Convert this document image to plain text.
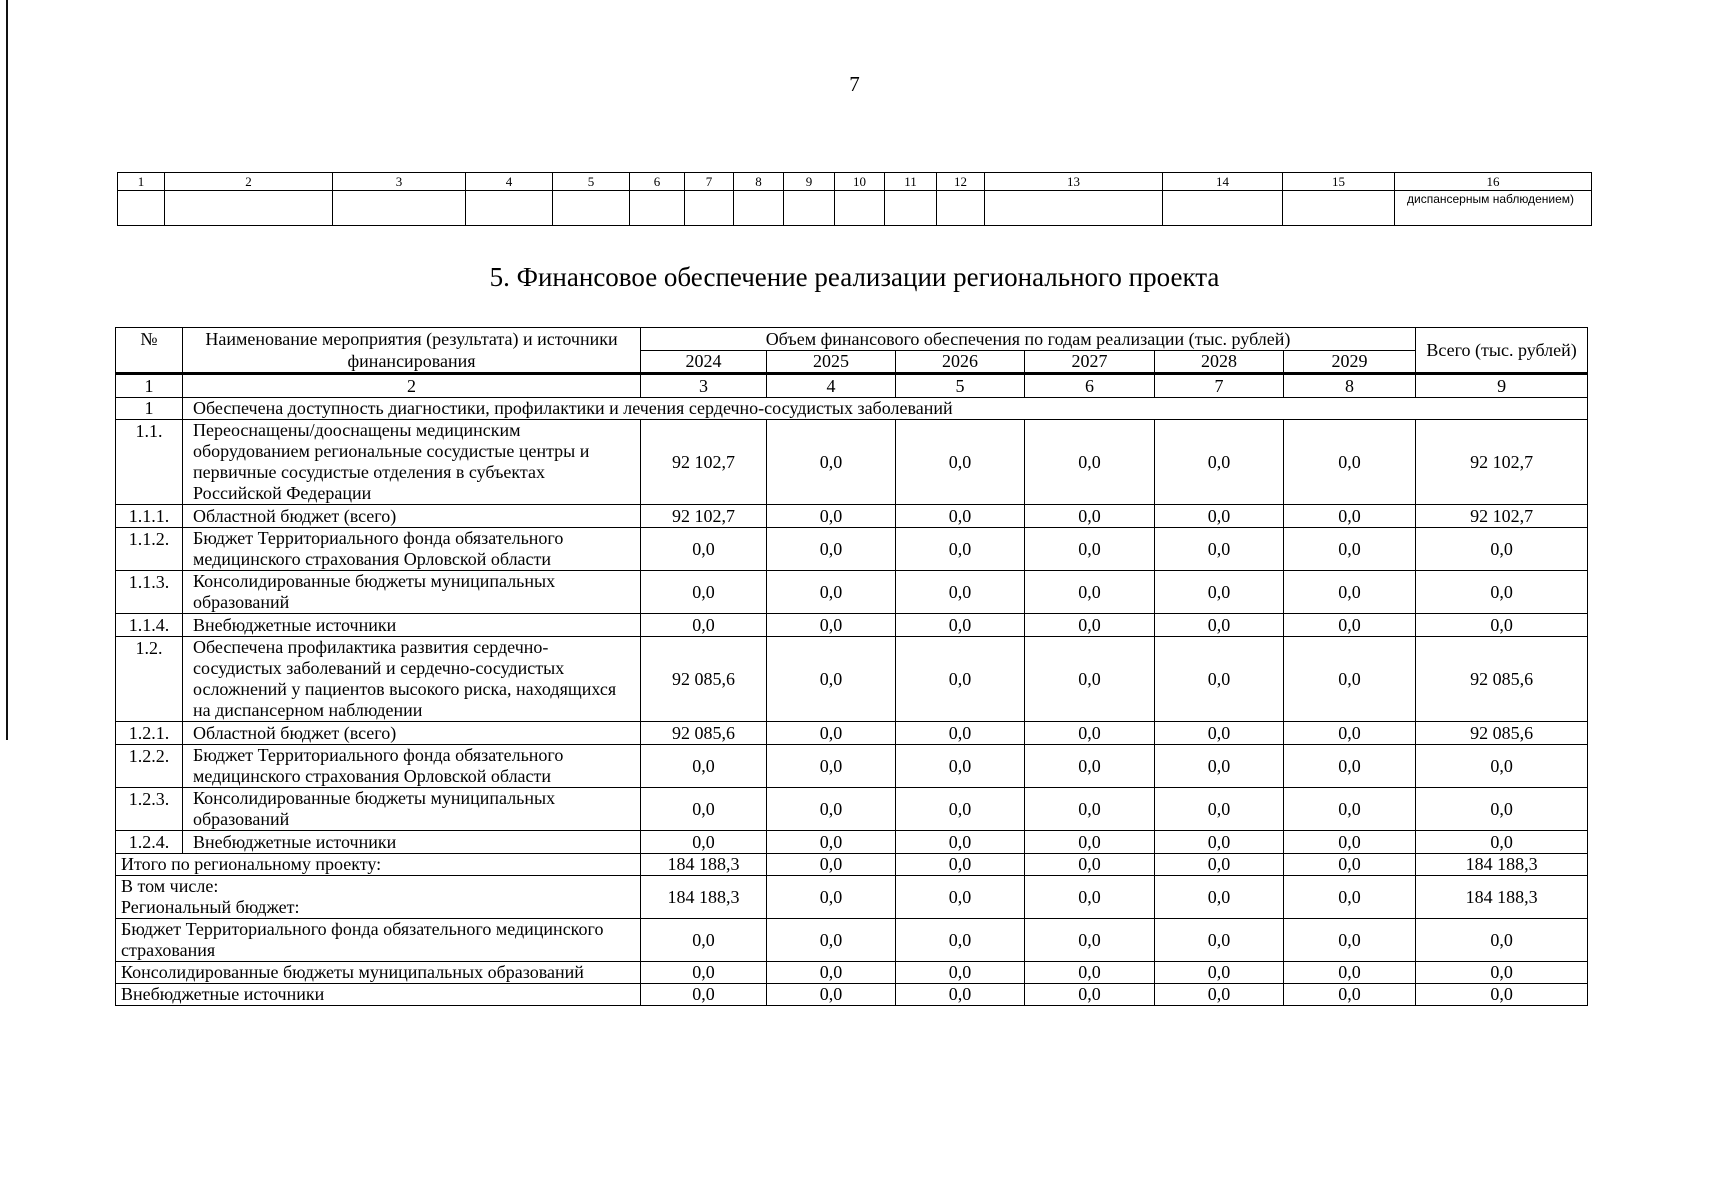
7
1	2	3	4	5	6	7	8	9	10	11	12	13	14	15	16
															диспансерным наблюдением)
5. Финансовое обеспечение реализации регионального проекта
№	Наименование мероприятия (результата) и источники финансирования	Объем финансового обеспечения по годам реализации (тыс. рублей)						Всего (тыс. рублей)
		2024	2025	2026	2027	2028	2029	
1	2	3	4	5	6	7	8	9
1	Обеспечена доступность диагностики, профилактики и лечения сердечно-сосудистых заболеваний							
1.1.	Переоснащены/дооснащены медицинским оборудованием региональные сосудистые центры и первичные сосудистые отделения в субъектах Российской Федерации	92 102,7	0,0	0,0	0,0	0,0	0,0	92 102,7
1.1.1.	Областной бюджет (всего)	92 102,7	0,0	0,0	0,0	0,0	0,0	92 102,7
1.1.2.	Бюджет Территориального фонда обязательного медицинского страхования Орловской области	0,0	0,0	0,0	0,0	0,0	0,0	0,0
1.1.3.	Консолидированные бюджеты муниципальных образований	0,0	0,0	0,0	0,0	0,0	0,0	0,0
1.1.4.	Внебюджетные источники	0,0	0,0	0,0	0,0	0,0	0,0	0,0
1.2.	Обеспечена профилактика развития сердечно-сосудистых заболеваний и сердечно-сосудистых осложнений у пациентов высокого риска, находящихся на диспансерном наблюдении	92 085,6	0,0	0,0	0,0	0,0	0,0	92 085,6
1.2.1.	Областной бюджет (всего)	92 085,6	0,0	0,0	0,0	0,0	0,0	92 085,6
1.2.2.	Бюджет Территориального фонда обязательного медицинского страхования Орловской области	0,0	0,0	0,0	0,0	0,0	0,0	0,0
1.2.3.	Консолидированные бюджеты муниципальных образований	0,0	0,0	0,0	0,0	0,0	0,0	0,0
1.2.4.	Внебюджетные источники	0,0	0,0	0,0	0,0	0,0	0,0	0,0
Итого по региональному проекту:		184 188,3	0,0	0,0	0,0	0,0	0,0	184 188,3

В том числе:
Региональный бюджет:		184 188,3	0,0	0,0	0,0	0,0	0,0	184 188,3
Бюджет Территориального фонда обязательного медицинского страхования		0,0	0,0	0,0	0,0	0,0	0,0	0,0
Консолидированные бюджеты муниципальных образований		0,0	0,0	0,0	0,0	0,0	0,0	0,0
Внебюджетные источники		0,0	0,0	0,0	0,0	0,0	0,0	0,0
